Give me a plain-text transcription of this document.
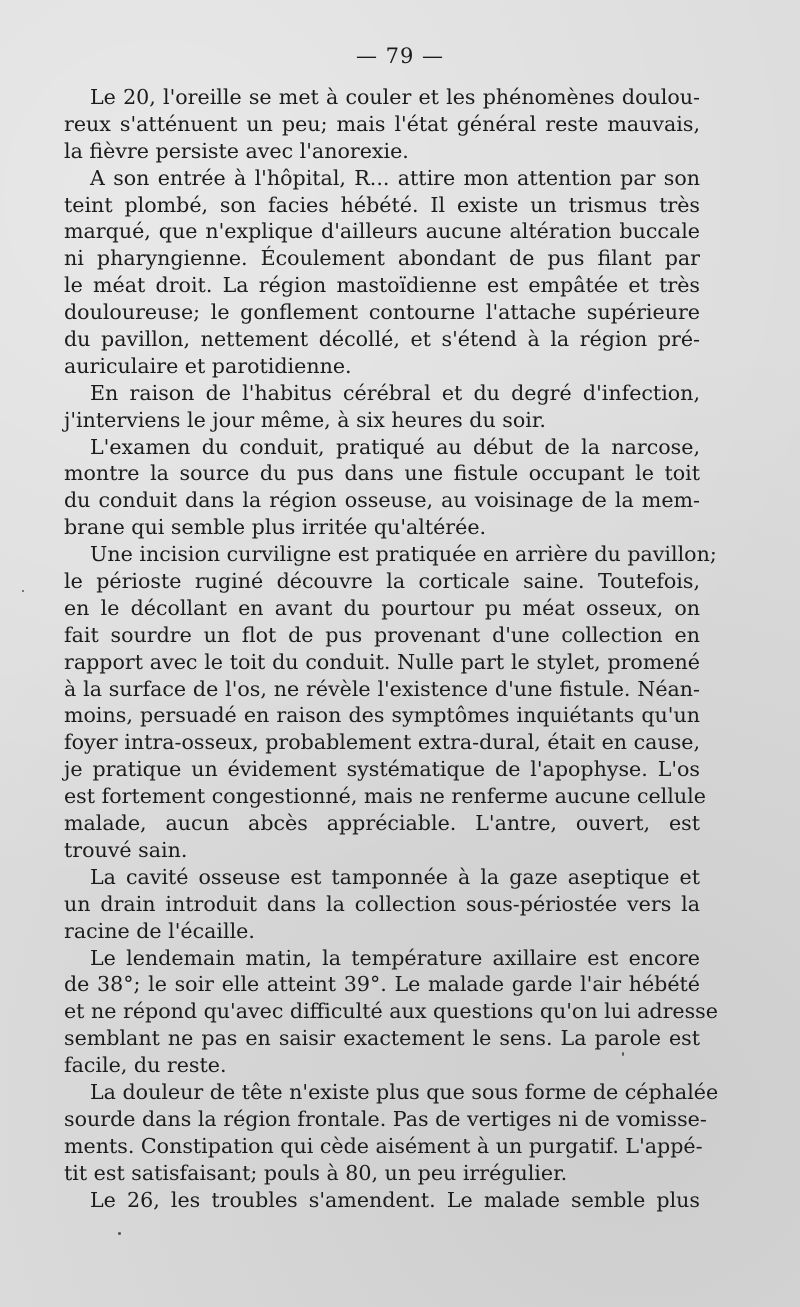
— 79 —
Le 20, l'oreille se met à couler et les phénomènes doulou-
reux s'atténuent un peu; mais l'état général reste mauvais,
la fièvre persiste avec l'anorexie.
A son entrée à l'hôpital, R... attire mon attention par son
teint plombé, son facies hébété. Il existe un trismus très
marqué, que n'explique d'ailleurs aucune altération buccale
ni pharyngienne. Écoulement abondant de pus filant par
le méat droit. La région mastoïdienne est empâtée et très
douloureuse; le gonflement contourne l'attache supérieure
du pavillon, nettement décollé, et s'étend à la région pré-
auriculaire et parotidienne.
En raison de l'habitus cérébral et du degré d'infection,
j'interviens le jour même, à six heures du soir.
L'examen du conduit, pratiqué au début de la narcose,
montre la source du pus dans une fistule occupant le toit
du conduit dans la région osseuse, au voisinage de la mem-
brane qui semble plus irritée qu'altérée.
Une incision curviligne est pratiquée en arrière du pavillon;
le périoste ruginé découvre la corticale saine. Toutefois,
en le décollant en avant du pourtour pu méat osseux, on
fait sourdre un flot de pus provenant d'une collection en
rapport avec le toit du conduit. Nulle part le stylet, promené
à la surface de l'os, ne révèle l'existence d'une fistule. Néan-
moins, persuadé en raison des symptômes inquiétants qu'un
foyer intra-osseux, probablement extra-dural, était en cause,
je pratique un évidement systématique de l'apophyse. L'os
est fortement congestionné, mais ne renferme aucune cellule
malade, aucun abcès appréciable. L'antre, ouvert, est
trouvé sain.
La cavité osseuse est tamponnée à la gaze aseptique et
un drain introduit dans la collection sous-périostée vers la
racine de l'écaille.
Le lendemain matin, la température axillaire est encore
de 38°; le soir elle atteint 39°. Le malade garde l'air hébété
et ne répond qu'avec difficulté aux questions qu'on lui adresse
semblant ne pas en saisir exactement le sens. La parole est
facile, du reste.
La douleur de tête n'existe plus que sous forme de céphalée
sourde dans la région frontale. Pas de vertiges ni de vomisse-
ments. Constipation qui cède aisément à un purgatif. L'appé-
tit est satisfaisant; pouls à 80, un peu irrégulier.
Le 26, les troubles s'amendent. Le malade semble plus
